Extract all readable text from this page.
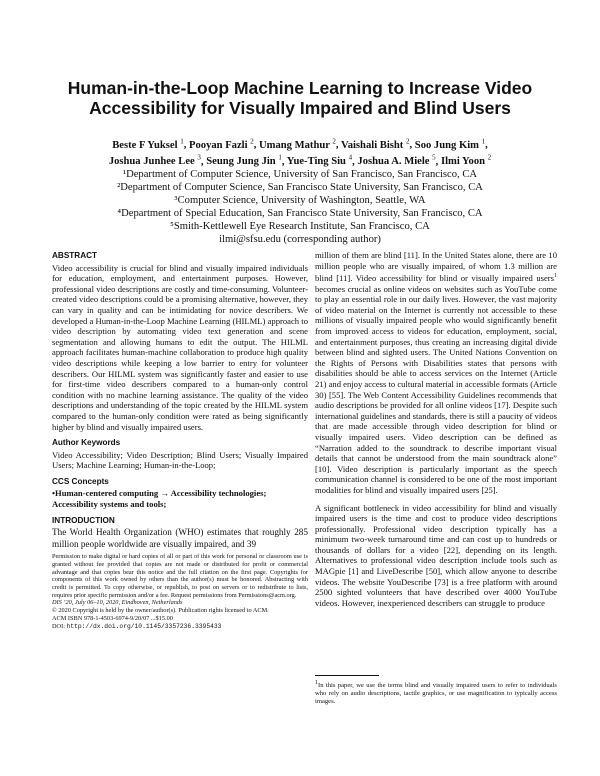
Human-in-the-Loop Machine Learning to Increase Video Accessibility for Visually Impaired and Blind Users
Beste F Yuksel $^1$, Pooyan Fazli $^2$, Umang Mathur $^2$, Vaishali Bisht $^2$, Soo Jung Kim $^1$,
Joshua Junhee Lee $^3$, Seung Jung Jin $^1$, Yue-Ting Siu $^4$, Joshua A. Miele $^5$, Ilmi Yoon $^2$
¹Department of Computer Science, University of San Francisco, San Francisco, CA
²Department of Computer Science, San Francisco State University, San Francisco, CA
³Computer Science, University of Washington, Seattle, WA
⁴Department of Special Education, San Francisco State University, San Francisco, CA
⁵Smith-Kettlewell Eye Research Institute, San Francisco, CA
ilmi@sfsu.edu (corresponding author)
ABSTRACT

Video accessibility is crucial for blind and visually impaired individuals for education, employment, and entertainment purposes. However, professional video descriptions are costly and time-consuming. Volunteer-created video descriptions could be a promising alternative, however, they can vary in quality and can be intimidating for novice describers. We developed a Human-in-the-Loop Machine Learning (HILML) approach to video description by automating video text generation and scene segmentation and allowing humans to edit the output. The HILML approach facilitates human-machine collaboration to produce high quality video descriptions while keeping a low barrier to entry for volunteer describers. Our HILML system was significantly faster and easier to use for first-time video describers compared to a human-only control condition with no machine learning assistance. The quality of the video descriptions and understanding of the topic created by the HILML system compared to the human-only condition were rated as being significantly higher by blind and visually impaired users.

Author Keywords

Video Accessibility; Video Description; Blind Users; Visually Impaired Users; Machine Learning; Human-in-the-Loop;

CCS Concepts

•Human-centered computing → Accessibility technologies;

Accessibility systems and tools;

INTRODUCTION

The World Health Organization (WHO) estimates that roughly 285 million people worldwide are visually impaired, and 39

Permission to make digital or hard copies of all or part of this work for personal or classroom use is granted without fee provided that copies are not made or distributed for profit or commercial advantage and that copies bear this notice and the full citation on the first page. Copyrights for components of this work owned by others than the author(s) must be honored. Abstracting with credit is permitted. To copy otherwise, or republish, to post on servers or to redistribute to lists, requires prior specific permission and/or a fee. Request permissions from Permissions@acm.org.

DIS ’20, July 06–10, 2020, Eindhoven, Netherlands

© 2020 Copyright is held by the owner/author(s). Publication rights licensed to ACM.

ACM ISBN 978-1-4503-6974-9/20/07 ...$15.00

DOI: http://dx.doi.org/10.1145/3357236.3395433

million of them are blind [11]. In the United States alone, there are 10 million people who are visually impaired, of whom 1.3 million are blind [11]. Video accessibility for blind or visually impaired users$^1$ becomes crucial as online videos on websites such as YouTube come to play an essential role in our daily lives. However, the vast majority of video material on the Internet is currently not accessible to these millions of visually impaired people who would significantly benefit from improved access to videos for education, employment, social, and entertainment purposes, thus creating an increasing digital divide between blind and sighted users. The United Nations Convention on the Rights of Persons with Disabilities states that persons with disabilities should be able to access services on the Internet (Article 21) and enjoy access to cultural material in accessible formats (Article 30) [55]. The Web Content Accessibility Guidelines recommends that audio descriptions be provided for all online videos [17]. Despite such international guidelines and standards, there is still a paucity of videos that are made accessible through video description for blind or visually impaired users. Video description can be defined as “Narration added to the soundtrack to describe important visual details that cannot be understood from the main soundtrack alone” [10]. Video description is particularly important as the speech communication channel is considered to be one of the most important modalities for blind and visually impaired users [25].

A significant bottleneck in video accessibility for blind and visually impaired users is the time and cost to produce video descriptions professionally. Professional video description typically has a minimum two-week turnaround time and can cost up to hundreds or thousands of dollars for a video [22], depending on its length. Alternatives to professional video description include tools such as MAGpie [1] and LiveDescribe [50], which allow anyone to describe videos. The website YouDescribe [73] is a free platform with around 2500 sighted volunteers that have described over 4000 YouTube videos. However, inexperienced describers can struggle to produce

$^1$In this paper, we use the terms blind and visually impaired users to refer to individuals who rely on audio descriptions, tactile graphics, or use magnification to typically access images.
